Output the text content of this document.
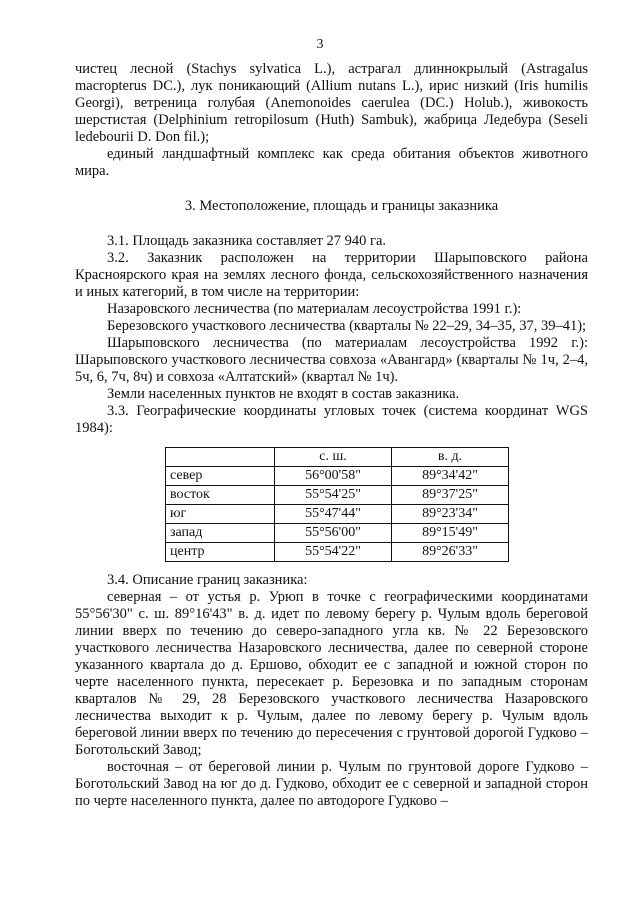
3

чистец лесной (Stachys sylvatica L.), астрагал длиннокрылый (Astragalus macropterus DC.), лук поникающий (Allium nutans L.), ирис низкий (Iris humilis Georgi), ветреница голубая (Anemonoides caerulea (DC.) Holub.), живокость шерстистая (Delphinium retropilosum (Huth) Sambuk), жабрица Ледебура (Seseli ledebourii D. Don fil.);

единый ландшафтный комплекс как среда обитания объектов животного мира.

3. Местоположение, площадь и границы заказника

3.1. Площадь заказника составляет 27 940 га.

3.2. Заказник расположен на территории Шарыповского района Красноярского края на землях лесного фонда, сельскохозяйственного назначения и иных категорий, в том числе на территории:

Назаровского лесничества (по материалам лесоустройства 1991 г.):

Березовского участкового лесничества (кварталы № 22–29, 34–35, 37, 39–41);

Шарыповского лесничества (по материалам лесоустройства 1992 г.): Шарыповского участкового лесничества совхоза «Авангард» (кварталы № 1ч, 2–4, 5ч, 6, 7ч, 8ч) и совхоза «Алтатский» (квартал № 1ч).

Земли населенных пунктов не входят в состав заказника.

3.3. Географические координаты угловых точек (система координат WGS 1984):

	с. ш.	в. д.
север	56°00'58"	89°34'42"
восток	55°54'25"	89°37'25"
юг	55°47'44"	89°23'34"
запад	55°56'00"	89°15'49"
центр	55°54'22"	89°26'33"

3.4. Описание границ заказника:

северная – от устья р. Урюп в точке с географическими координатами 55°56'30" с. ш. 89°16'43" в. д. идет по левому берегу р. Чулым вдоль береговой линии вверх по течению до северо-западного угла кв. № 22 Березовского участкового лесничества Назаровского лесничества, далее по северной стороне указанного квартала до д. Ершово, обходит ее с западной и южной сторон по черте населенного пункта, пересекает р. Березовка и по западным сторонам кварталов № 29, 28 Березовского участкового лесничества Назаровского лесничества выходит к р. Чулым, далее по левому берегу р. Чулым вдоль береговой линии вверх по течению до пересечения с грунтовой дорогой Гудково – Боготольский Завод;

восточная – от береговой линии р. Чулым по грунтовой дороге Гудково – Боготольский Завод на юг до д. Гудково, обходит ее с северной и западной сторон по черте населенного пункта, далее по автодороге Гудково –
